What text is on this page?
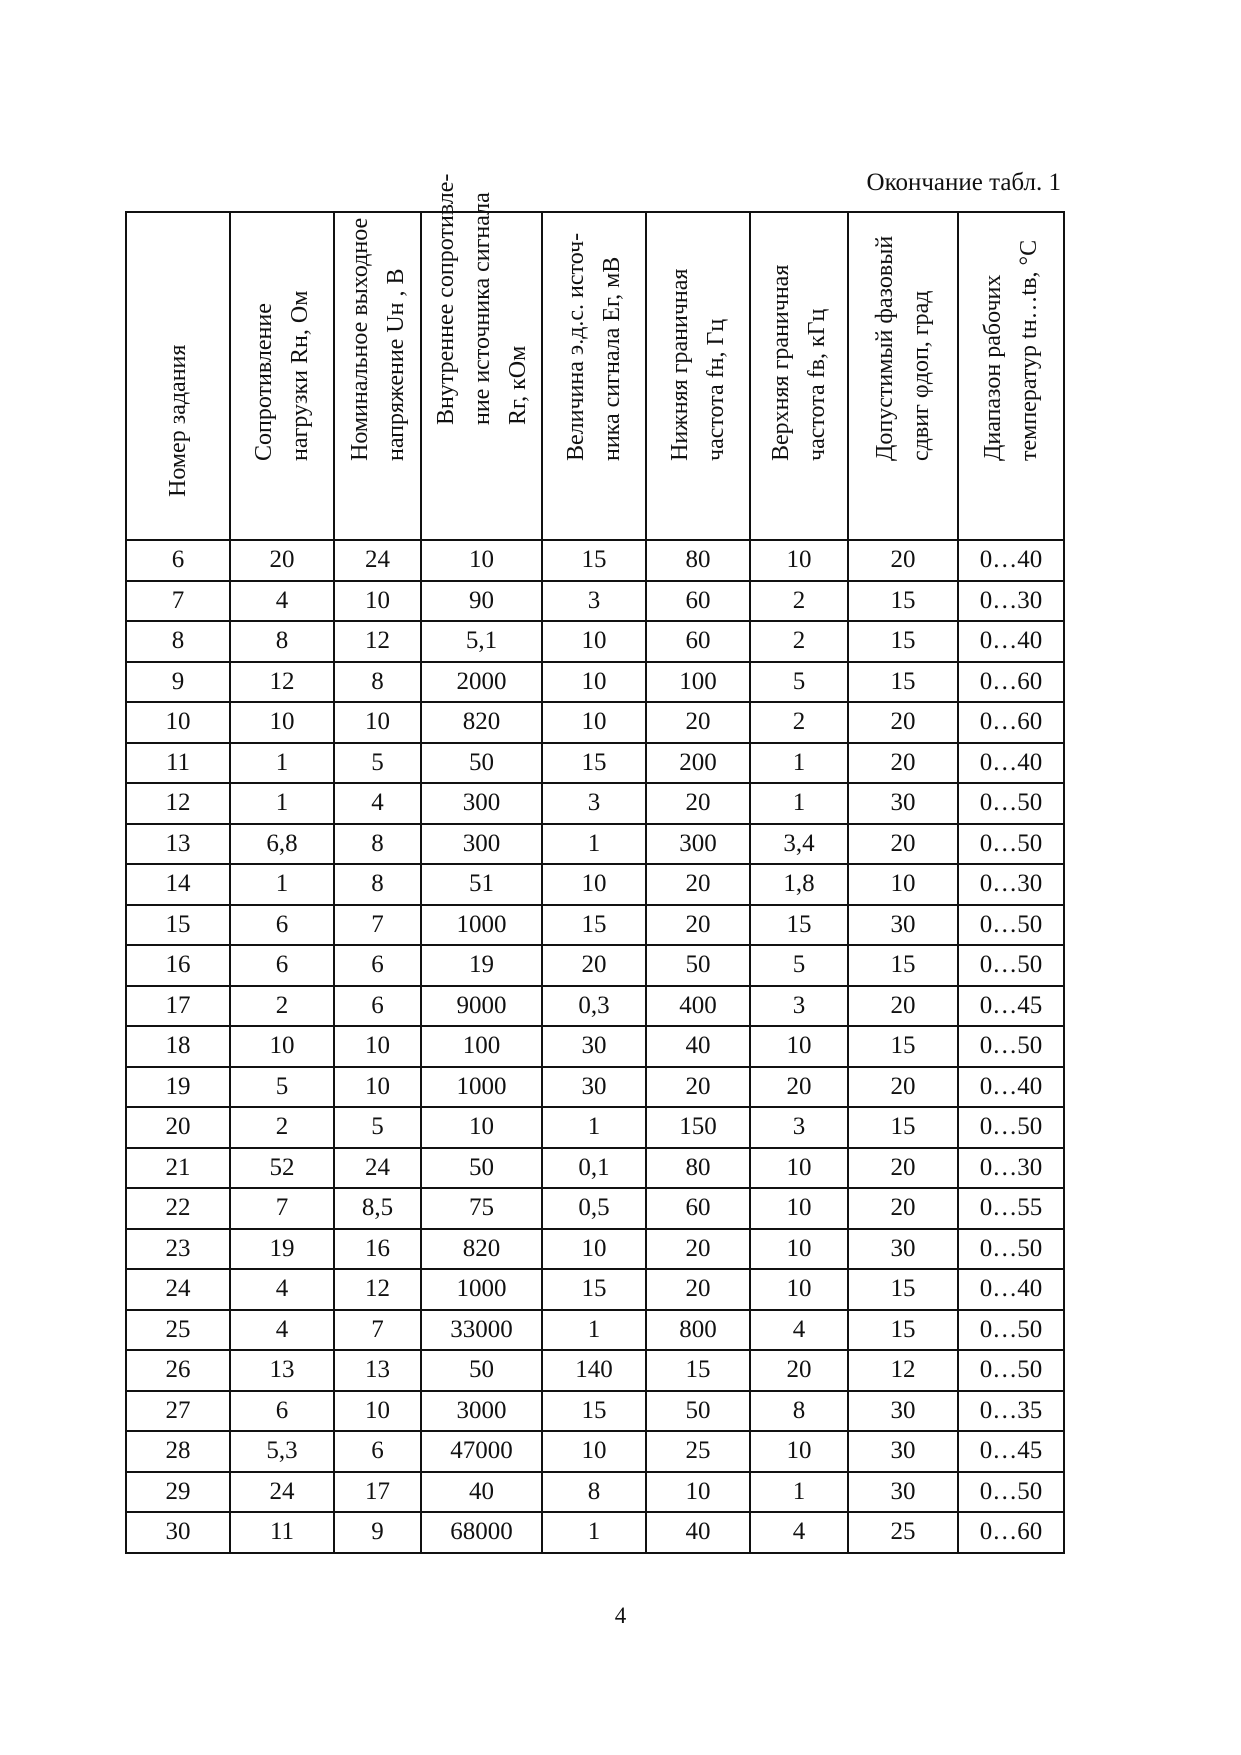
Окончание табл. 1
Номер задания	Сопротивление нагрузки Rн, Ом	Номинальное выходное напряжение Uн , В	Внутреннее сопротивле- ние источника сигнала Rг, кОм	Величина э.д.с. источ- ника сигнала Eг, мВ	Нижняя граничная частота fн, Гц	Верхняя граничная частота fв, кГц	Допустимый фазовый сдвиг φдоп, град	Диапазон рабочих температур tн…tв, °С

6	20	24	10	15	80	10	20	0…40
7	4	10	90	3	60	2	15	0…30
8	8	12	5,1	10	60	2	15	0…40
9	12	8	2000	10	100	5	15	0…60
10	10	10	820	10	20	2	20	0…60
11	1	5	50	15	200	1	20	0…40
12	1	4	300	3	20	1	30	0…50
13	6,8	8	300	1	300	3,4	20	0…50
14	1	8	51	10	20	1,8	10	0…30
15	6	7	1000	15	20	15	30	0…50
16	6	6	19	20	50	5	15	0…50
17	2	6	9000	0,3	400	3	20	0…45
18	10	10	100	30	40	10	15	0…50
19	5	10	1000	30	20	20	20	0…40
20	2	5	10	1	150	3	15	0…50
21	52	24	50	0,1	80	10	20	0…30
22	7	8,5	75	0,5	60	10	20	0…55
23	19	16	820	10	20	10	30	0…50
24	4	12	1000	15	20	10	15	0…40
25	4	7	33000	1	800	4	15	0…50
26	13	13	50	140	15	20	12	0…50
27	6	10	3000	15	50	8	30	0…35
28	5,3	6	47000	10	25	10	30	0…45
29	24	17	40	8	10	1	30	0…50
30	11	9	68000	1	40	4	25	0…60
4
